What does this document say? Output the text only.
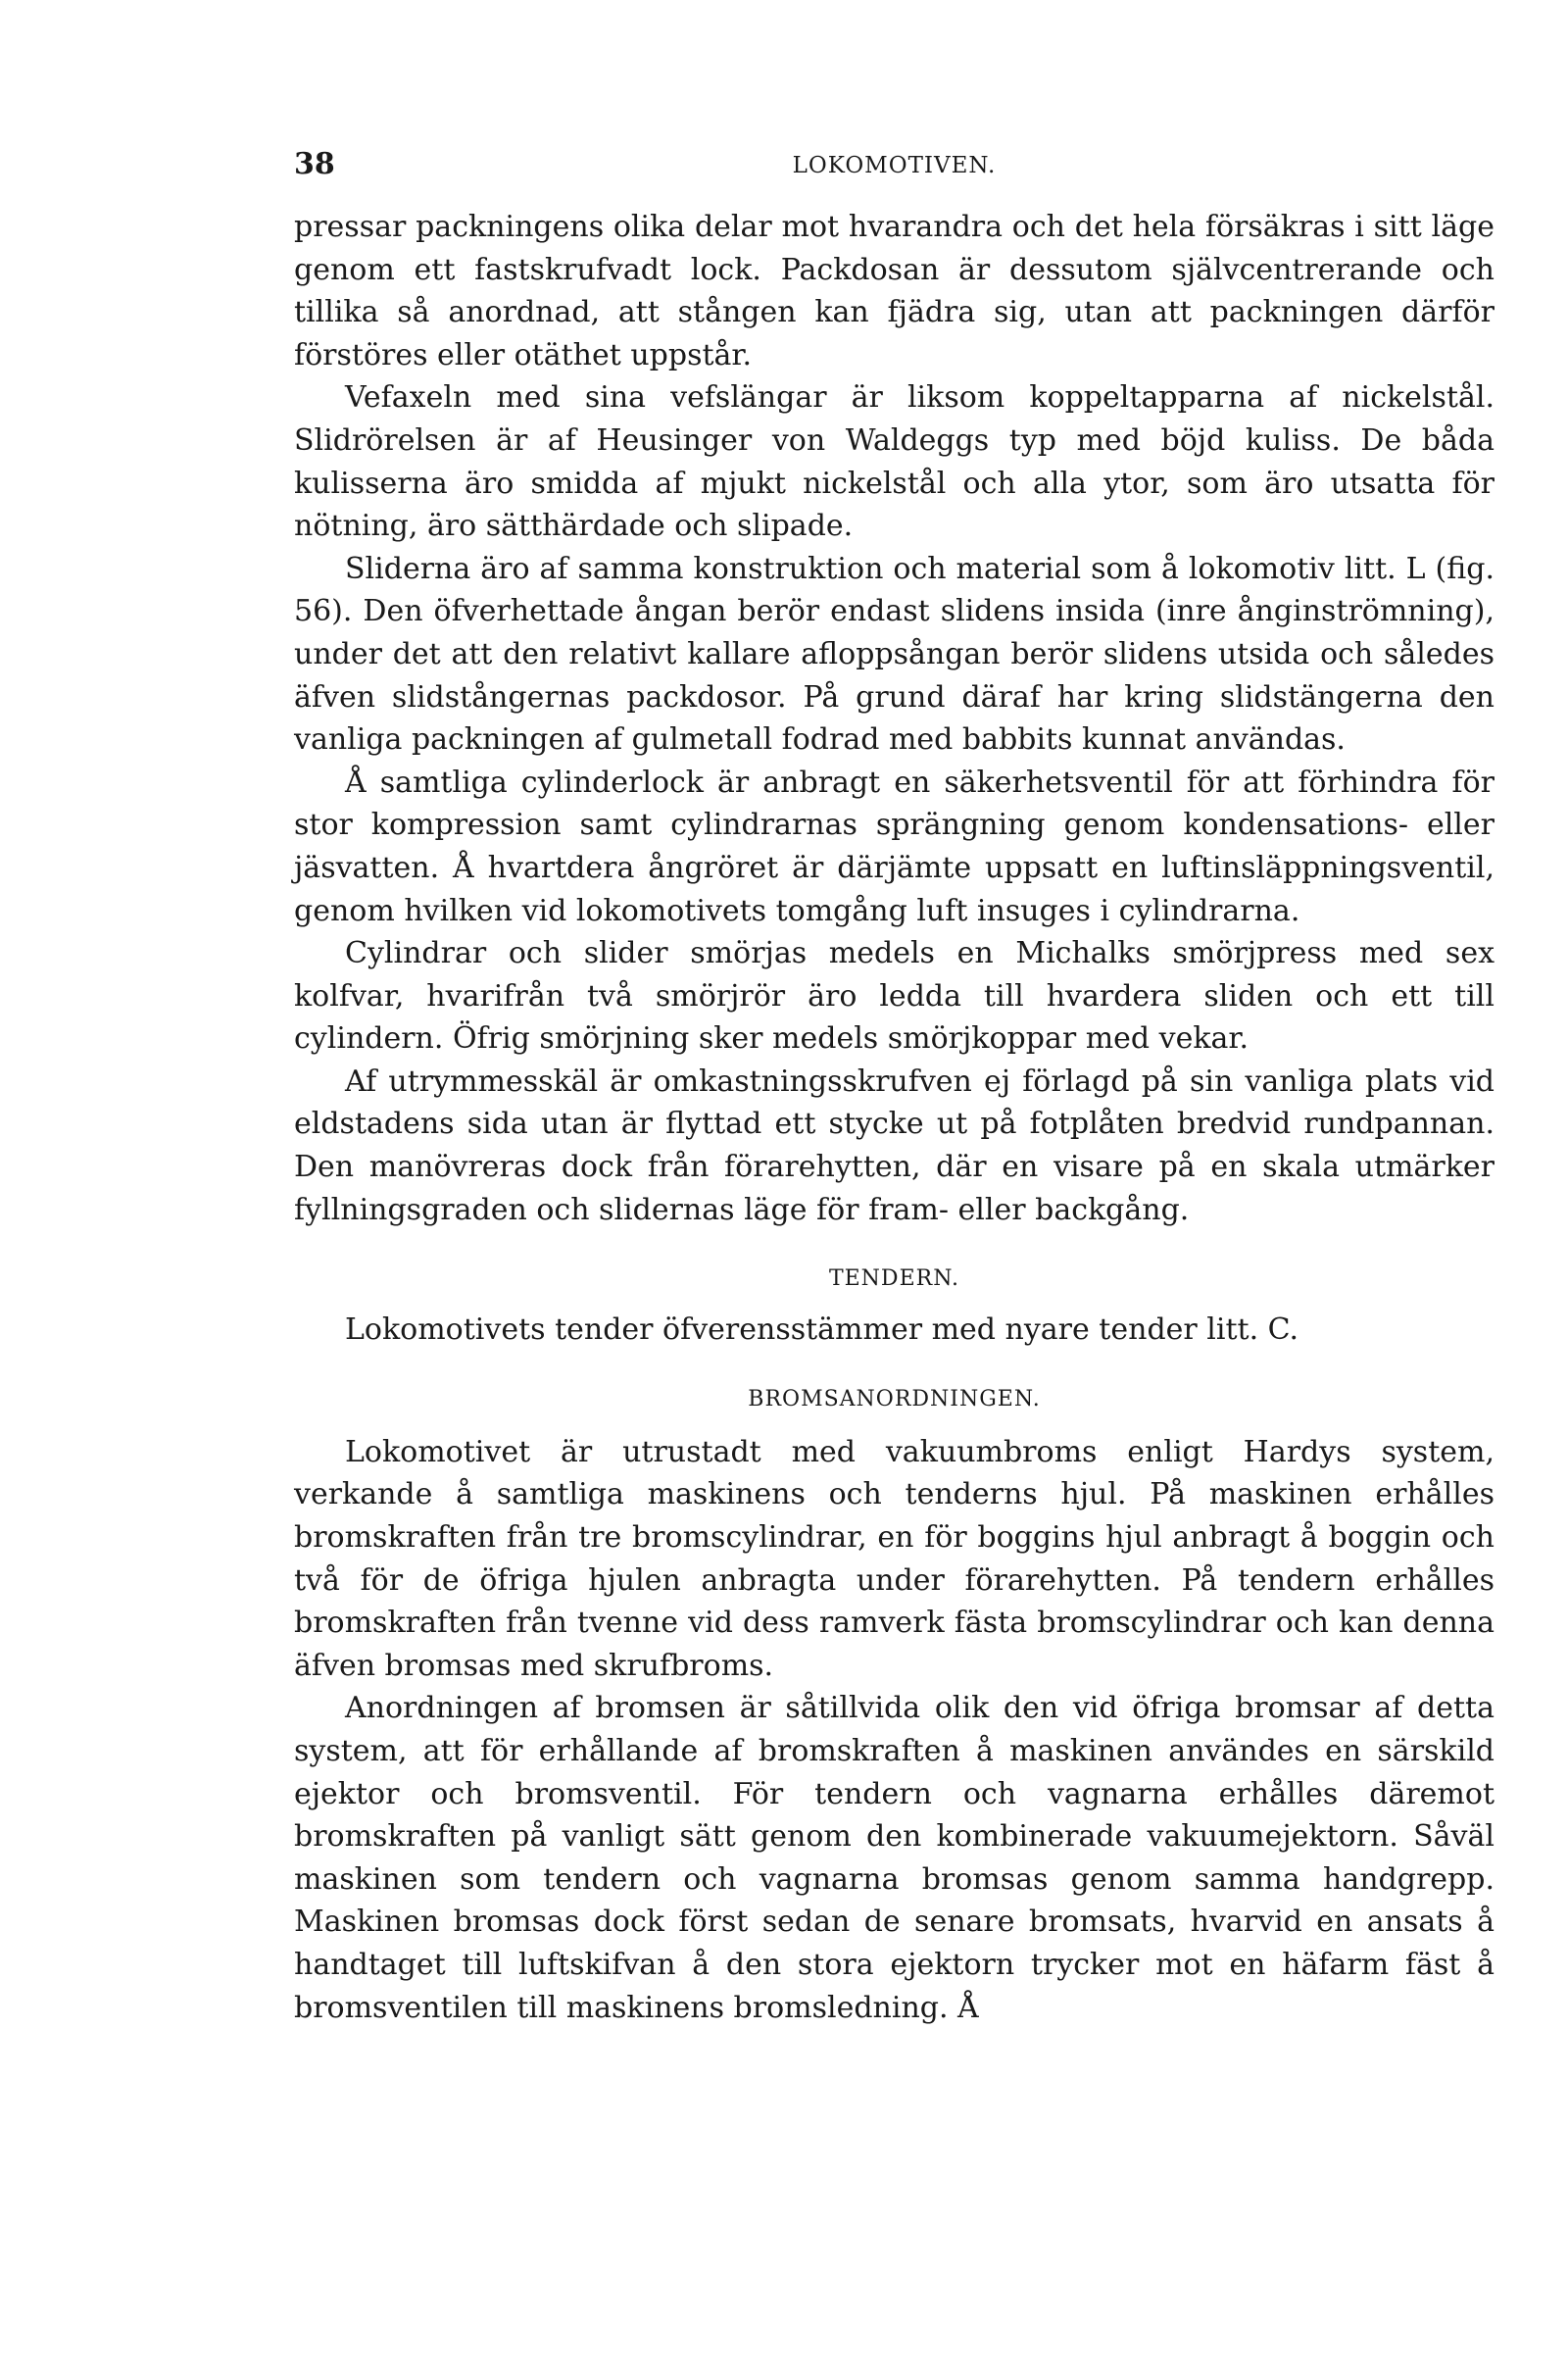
38	LOKOMOTIVEN.

pressar packningens olika delar mot hvarandra och det hela försäkras i sitt läge genom ett fastskrufvadt lock. Packdosan är dessutom självcentrerande och tillika så anordnad, att stången kan fjädra sig, utan att packningen därför förstöres eller otäthet uppstår.

Vefaxeln med sina vefslängar är liksom koppeltapparna af nickelstål. Slidrörelsen är af Heusinger von Waldeggs typ med böjd kuliss. De båda kulisserna äro smidda af mjukt nickelstål och alla ytor, som äro utsatta för nötning, äro sätthärdade och slipade.

Sliderna äro af samma konstruktion och material som å lokomotiv litt. L (fig. 56). Den öfverhettade ångan berör endast slidens insida (inre ånginströmning), under det att den relativt kallare afloppsångan berör slidens utsida och således äfven slidstångernas packdosor. På grund däraf har kring slidstängerna den vanliga packningen af gulmetall fodrad med babbits kunnat användas.

Å samtliga cylinderlock är anbragt en säkerhetsventil för att förhindra för stor kompression samt cylindrarnas sprängning genom kondensations- eller jäsvatten. Å hvartdera ångröret är därjämte uppsatt en luftinsläppningsventil, genom hvilken vid lokomotivets tomgång luft insuges i cylindrarna.

Cylindrar och slider smörjas medels en Michalks smörjpress med sex kolfvar, hvarifrån två smörjrör äro ledda till hvardera sliden och ett till cylindern. Öfrig smörjning sker medels smörjkoppar med vekar.

Af utrymmesskäl är omkastningsskrufven ej förlagd på sin vanliga plats vid eldstadens sida utan är flyttad ett stycke ut på fotplåten bredvid rundpannan. Den manövreras dock från förarehytten, där en visare på en skala utmärker fyllningsgraden och slidernas läge för fram- eller backgång.

TENDERN.

Lokomotivets tender öfverensstämmer med nyare tender litt. C.

BROMSANORDNINGEN.

Lokomotivet är utrustadt med vakuumbroms enligt Hardys system, verkande å samtliga maskinens och tenderns hjul. På maskinen erhålles bromskraften från tre bromscylindrar, en för boggins hjul anbragt å boggin och två för de öfriga hjulen anbragta under förarehytten. På tendern erhålles bromskraften från tvenne vid dess ramverk fästa bromscylindrar och kan denna äfven bromsas med skrufbroms.

Anordningen af bromsen är såtillvida olik den vid öfriga bromsar af detta system, att för erhållande af bromskraften å maskinen användes en särskild ejektor och bromsventil. För tendern och vagnarna erhålles däremot bromskraften på vanligt sätt genom den kombinerade vakuumejektorn. Såväl maskinen som tendern och vagnarna bromsas genom samma handgrepp. Maskinen bromsas dock först sedan de senare bromsats, hvarvid en ansats å handtaget till luftskifvan å den stora ejektorn trycker mot en häfarm fäst å bromsventilen till maskinens bromsledning. Å
